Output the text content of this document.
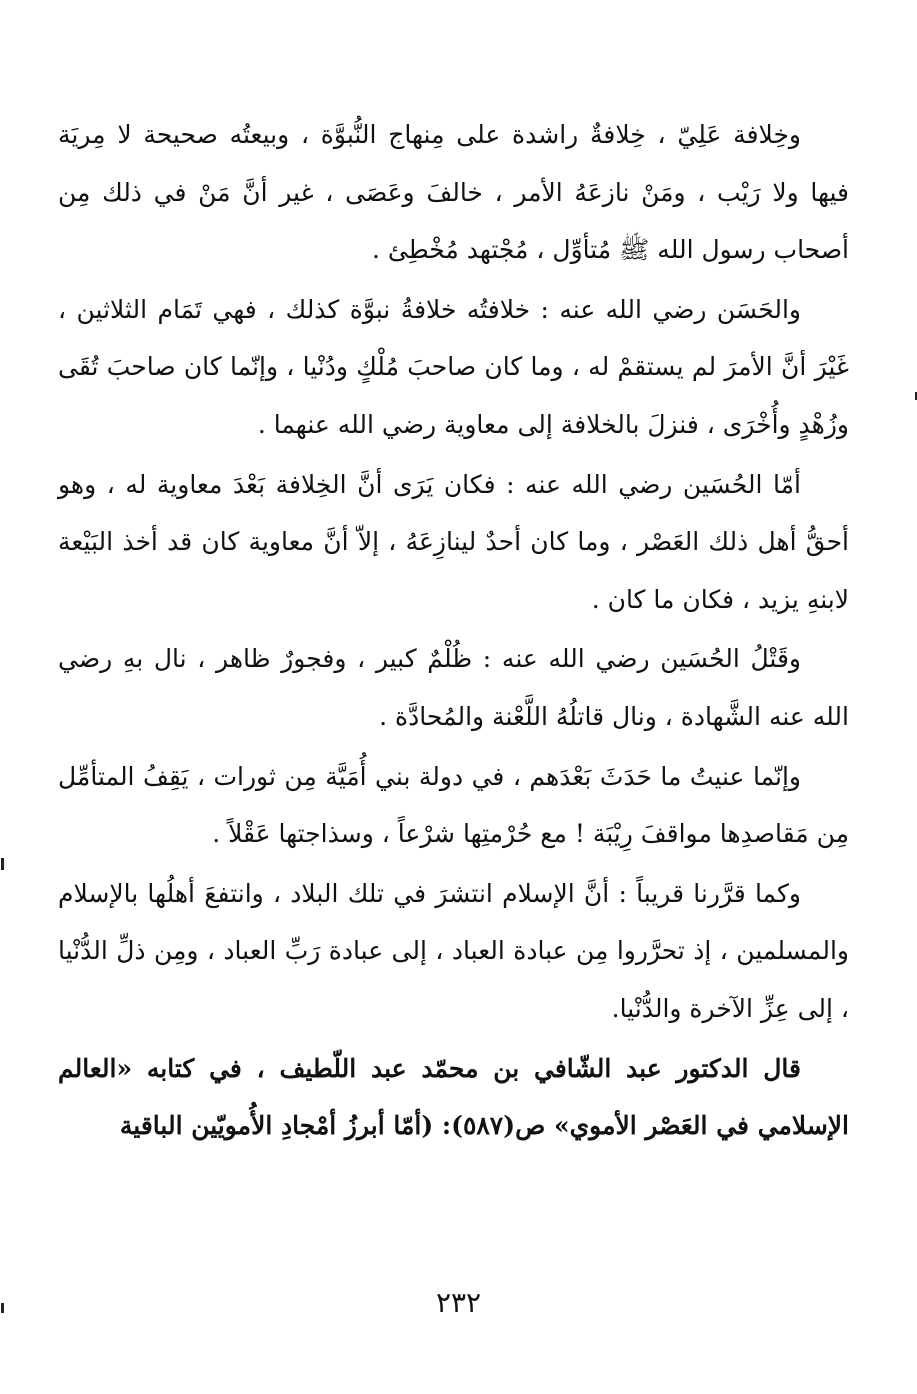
وخِلافة عَلِيّ ، خِلافةٌ راشدة على مِنهاج النُّبوَّة ، وبيعتُه صحيحة لا مِريَة فيها ولا رَيْب ، ومَنْ نازعَهُ الأمر ، خالفَ وعَصَى ، غير أنَّ مَنْ في ذلك مِن أصحاب رسول الله ﷺ مُتأوِّل ، مُجْتهد مُخْطِئ .

والحَسَن رضي الله عنه : خلافتُه خلافةُ نبوَّة كذلك ، فهي تَمَام الثلاثين ، غَيْرَ أنَّ الأمرَ لم يستقمْ له ، وما كان صاحبَ مُلْكٍ ودُنْيا ، وإنّما كان صاحبَ تُقَى وزُهْدٍ وأُخْرَى ، فنزلَ بالخلافة إلى معاوية رضي الله عنهما .

أمّا الحُسَين رضي الله عنه : فكان يَرَى أنَّ الخِلافة بَعْدَ معاوية له ، وهو أحقُّ أهل ذلك العَصْر ، وما كان أحدٌ لينازِعَهُ ، إلاّ أنَّ معاوية كان قد أخذ البَيْعة لابنهِ يزيد ، فكان ما كان .

وقَتْلُ الحُسَين رضي الله عنه : ظُلْمٌ كبير ، وفجورٌ ظاهر ، نال بهِ رضي الله عنه الشَّهادة ، ونال قاتلُهُ اللَّعْنة والمُحادَّة .

وإنّما عنيتُ ما حَدَثَ بَعْدَهم ، في دولة بني أُمَيَّة مِن ثورات ، يَقِفُ المتأمِّل مِن مَقاصدِها مواقفَ رِيْبَة ! مع حُرْمتِها شرْعاً ، وسذاجتها عَقْلاً .

وكما قرَّرنا قريباً : أنَّ الإسلام انتشرَ في تلك البلاد ، وانتفعَ أهلُها بالإسلام والمسلمين ، إذ تحرَّروا مِن عبادة العباد ، إلى عبادة رَبِّ العباد ، ومِن ذلِّ الدُّنْيا ، إلى عِزِّ الآخرة والدُّنْيا.

قال الدكتور عبد الشّافي بن محمّد عبد اللّطيف ، في كتابه «العالم الإسلامي في العَصْر الأموي» ص(٥٨٧): (أمّا أبرزُ أمْجادِ الأُمويّين الباقية

٢٣٢
